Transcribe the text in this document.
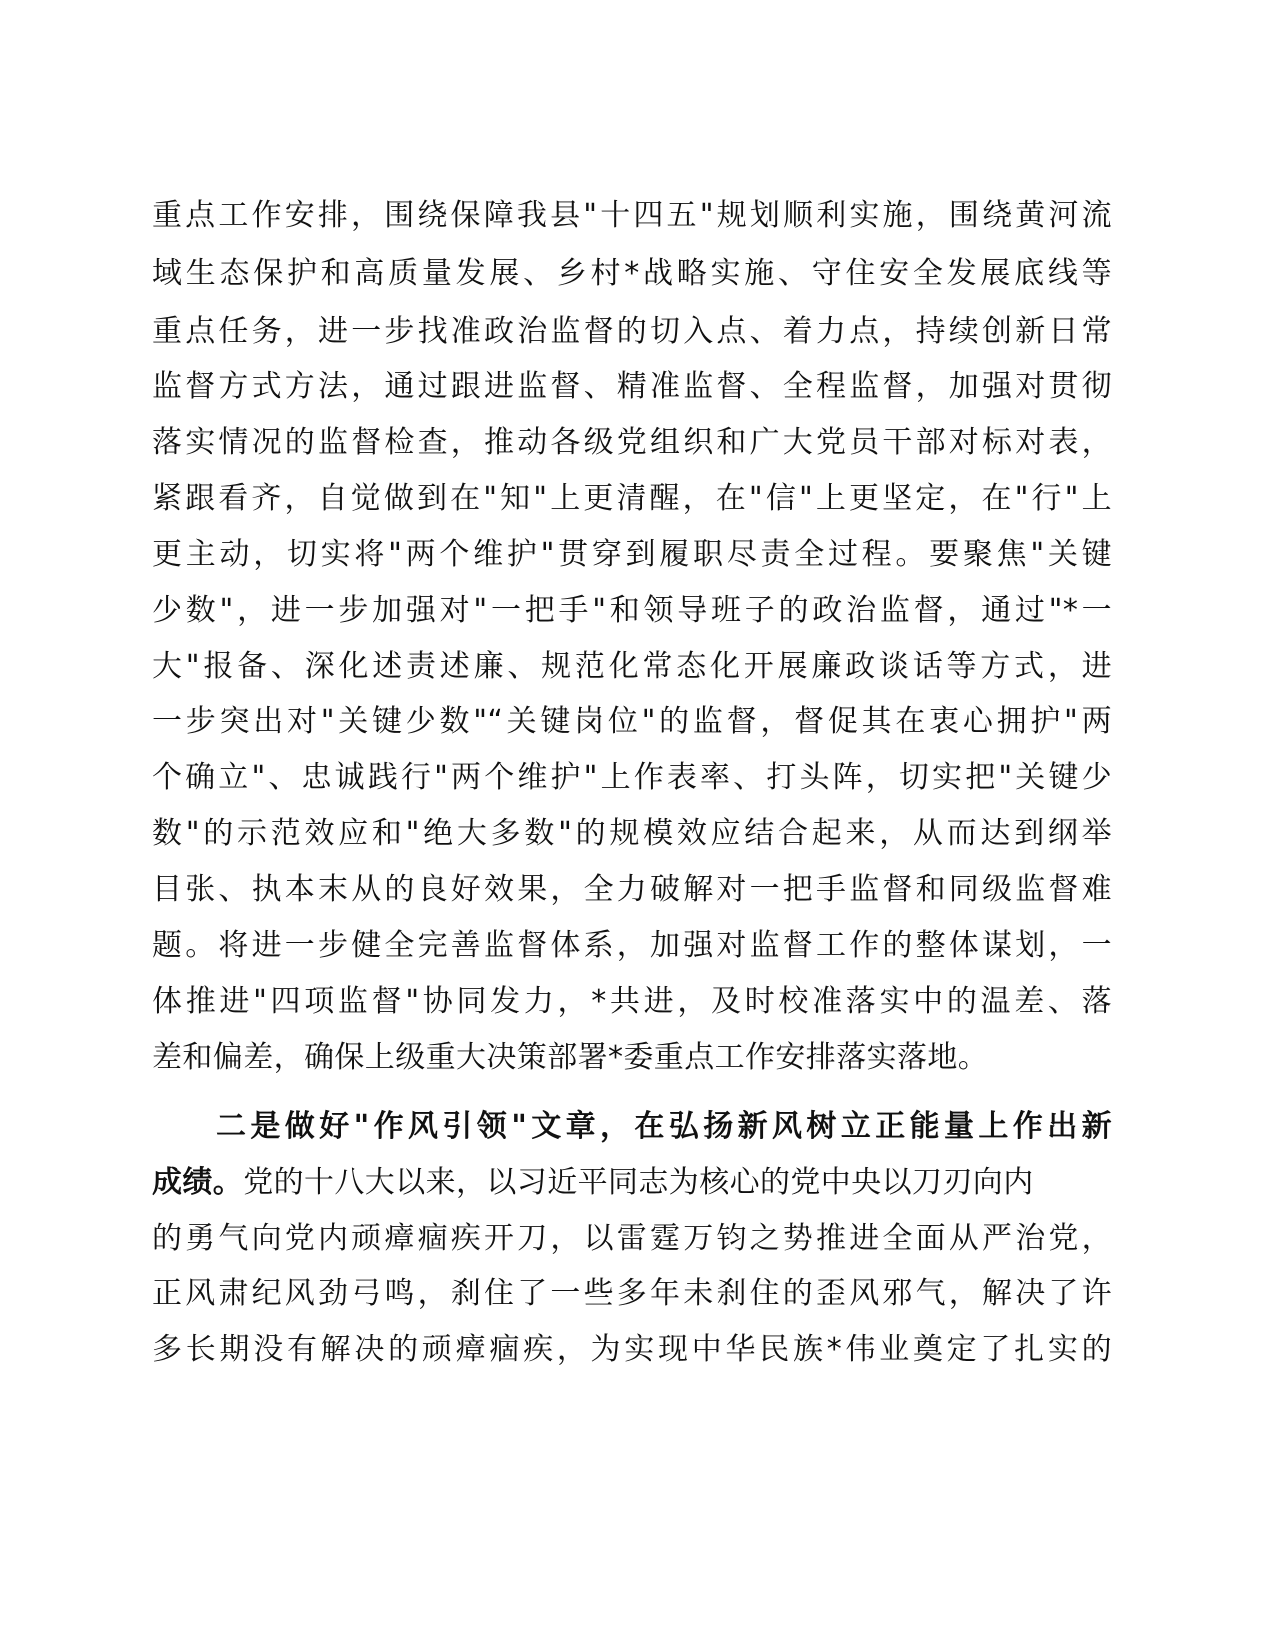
重点工作安排，围绕保障我县"十四五"规划顺利实施，围绕黄河流
域生态保护和高质量发展、乡村*战略实施、守住安全发展底线等
重点任务，进一步找准政治监督的切入点、着力点，持续创新日常
监督方式方法，通过跟进监督、精准监督、全程监督，加强对贯彻
落实情况的监督检查，推动各级党组织和广大党员干部对标对表，
紧跟看齐，自觉做到在"知"上更清醒，在"信"上更坚定，在"行"上
更主动，切实将"两个维护"贯穿到履职尽责全过程。要聚焦"关键
少数"，进一步加强对"一把手"和领导班子的政治监督，通过"*一
大"报备、深化述责述廉、规范化常态化开展廉政谈话等方式，进
一步突出对"关键少数"“关键岗位"的监督，督促其在衷心拥护"两
个确立"、忠诚践行"两个维护"上作表率、打头阵，切实把"关键少
数"的示范效应和"绝大多数"的规模效应结合起来，从而达到纲举
目张、执本末从的良好效果，全力破解对一把手监督和同级监督难
题。将进一步健全完善监督体系，加强对监督工作的整体谋划，一
体推进"四项监督"协同发力，*共进，及时校准落实中的温差、落
差和偏差，确保上级重大决策部署*委重点工作安排落实落地。
二是做好"作风引领"文章，在弘扬新风树立正能量上作出新
成绩。党的十八大以来，以习近平同志为核心的党中央以刀刃向内
的勇气向党内顽瘴痼疾开刀，以雷霆万钧之势推进全面从严治党，
正风肃纪风劲弓鸣，刹住了一些多年未刹住的歪风邪气，解决了许
多长期没有解决的顽瘴痼疾，为实现中华民族*伟业奠定了扎实的
